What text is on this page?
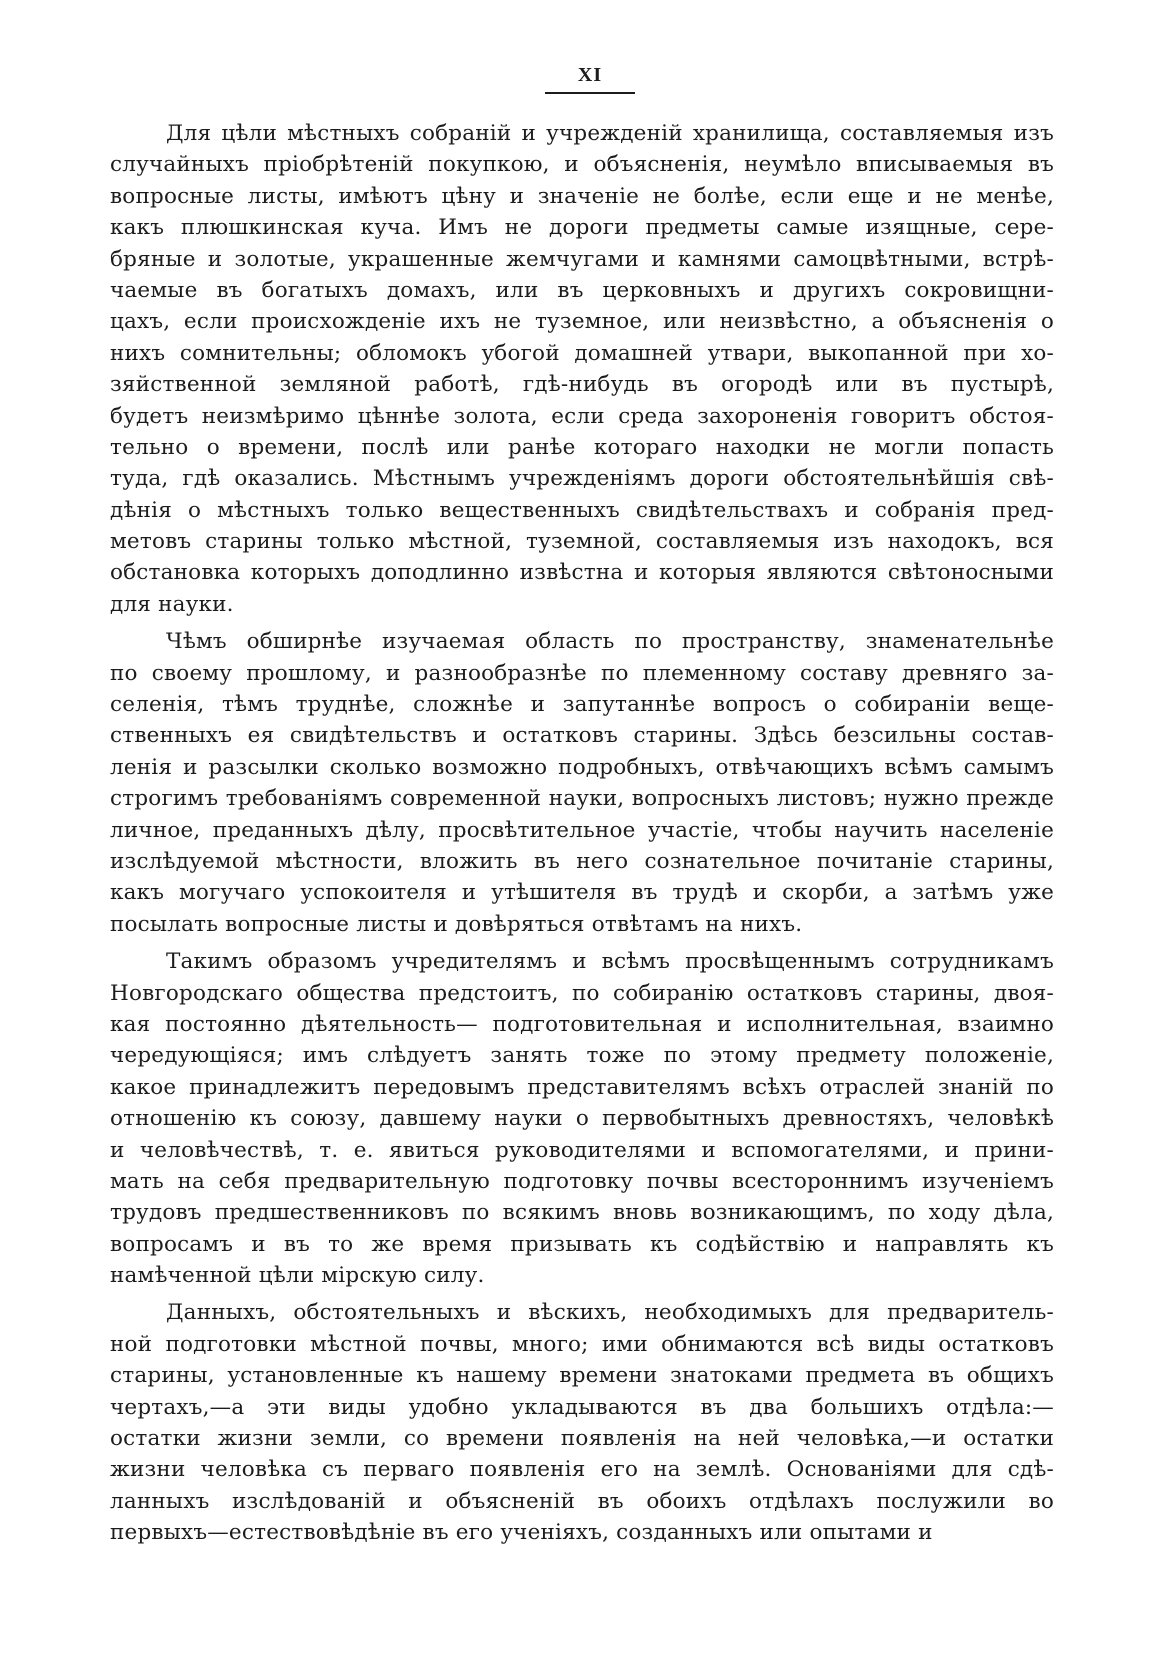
XI
Для цѣли мѣстныхъ собраній и учрежденій хранилища, составляемыя изъ
случайныхъ пріобрѣтеній покупкою, и объясненія, неумѣло вписываемыя въ
вопросные листы, имѣютъ цѣну и значеніе не болѣе, если еще и не менѣе,
какъ плюшкинская куча. Имъ не дороги предметы самые изящные, сере-
бряные и золотые, украшенные жемчугами и камнями самоцвѣтными, встрѣ-
чаемые въ богатыхъ домахъ, или въ церковныхъ и другихъ сокровищни-
цахъ, если происхожденіе ихъ не туземное, или неизвѣстно, а объясненія о
нихъ сомнительны; обломокъ убогой домашней утвари, выкопанной при хо-
зяйственной земляной работѣ, гдѣ-нибудь въ огородѣ или въ пустырѣ,
будетъ неизмѣримо цѣннѣе золота, если среда захороненія говоритъ обстоя-
тельно о времени, послѣ или ранѣе котораго находки не могли попасть
туда, гдѣ оказались. Мѣстнымъ учрежденіямъ дороги обстоятельнѣйшія свѣ-
дѣнія о мѣстныхъ только вещественныхъ свидѣтельствахъ и собранія пред-
метовъ старины только мѣстной, туземной, составляемыя изъ находокъ, вся
обстановка которыхъ доподлинно извѣстна и которыя являются свѣтоносными
для науки.
Чѣмъ обширнѣе изучаемая область по пространству, знаменательнѣе
по своему прошлому, и разнообразнѣе по племенному составу древняго за-
селенія, тѣмъ труднѣе, сложнѣе и запутаннѣе вопросъ о собираніи веще-
ственныхъ ея свидѣтельствъ и остатковъ старины. Здѣсь безсильны состав-
ленія и разсылки сколько возможно подробныхъ, отвѣчающихъ всѣмъ самымъ
строгимъ требованіямъ современной науки, вопросныхъ листовъ; нужно прежде
личное, преданныхъ дѣлу, просвѣтительное участіе, чтобы научить населеніе
изслѣдуемой мѣстности, вложить въ него сознательное почитаніе старины,
какъ могучаго успокоителя и утѣшителя въ трудѣ и скорби, а затѣмъ уже
посылать вопросные листы и довѣряться отвѣтамъ на нихъ.
Такимъ образомъ учредителямъ и всѣмъ просвѣщеннымъ сотрудникамъ
Новгородскаго общества предстоитъ, по собиранію остатковъ старины, двоя-
кая постоянно дѣятельность— подготовительная и исполнительная, взаимно
чередующіяся; имъ слѣдуетъ занять тоже по этому предмету положеніе,
какое принадлежитъ передовымъ представителямъ всѣхъ отраслей знаній по
отношенію къ союзу, давшему науки о первобытныхъ древностяхъ, человѣкѣ
и человѣчествѣ, т. е. явиться руководителями и вспомогателями, и прини-
мать на себя предварительную подготовку почвы всестороннимъ изученіемъ
трудовъ предшественниковъ по всякимъ вновь возникающимъ, по ходу дѣла,
вопросамъ и въ то же время призывать къ содѣйствію и направлять къ
намѣченной цѣли мірскую силу.
Данныхъ, обстоятельныхъ и вѣскихъ, необходимыхъ для предваритель-
ной подготовки мѣстной почвы, много; ими обнимаются всѣ виды остатковъ
старины, установленные къ нашему времени знатоками предмета въ общихъ
чертахъ,—а эти виды удобно укладываются въ два большихъ отдѣла:—
остатки жизни земли, со времени появленія на ней человѣка,—и остатки
жизни человѣка съ перваго появленія его на землѣ. Основаніями для сдѣ-
ланныхъ изслѣдованій и объясненій въ обоихъ отдѣлахъ послужили во
первыхъ—естествовѣдѣніе въ его ученіяхъ, созданныхъ или опытами и
